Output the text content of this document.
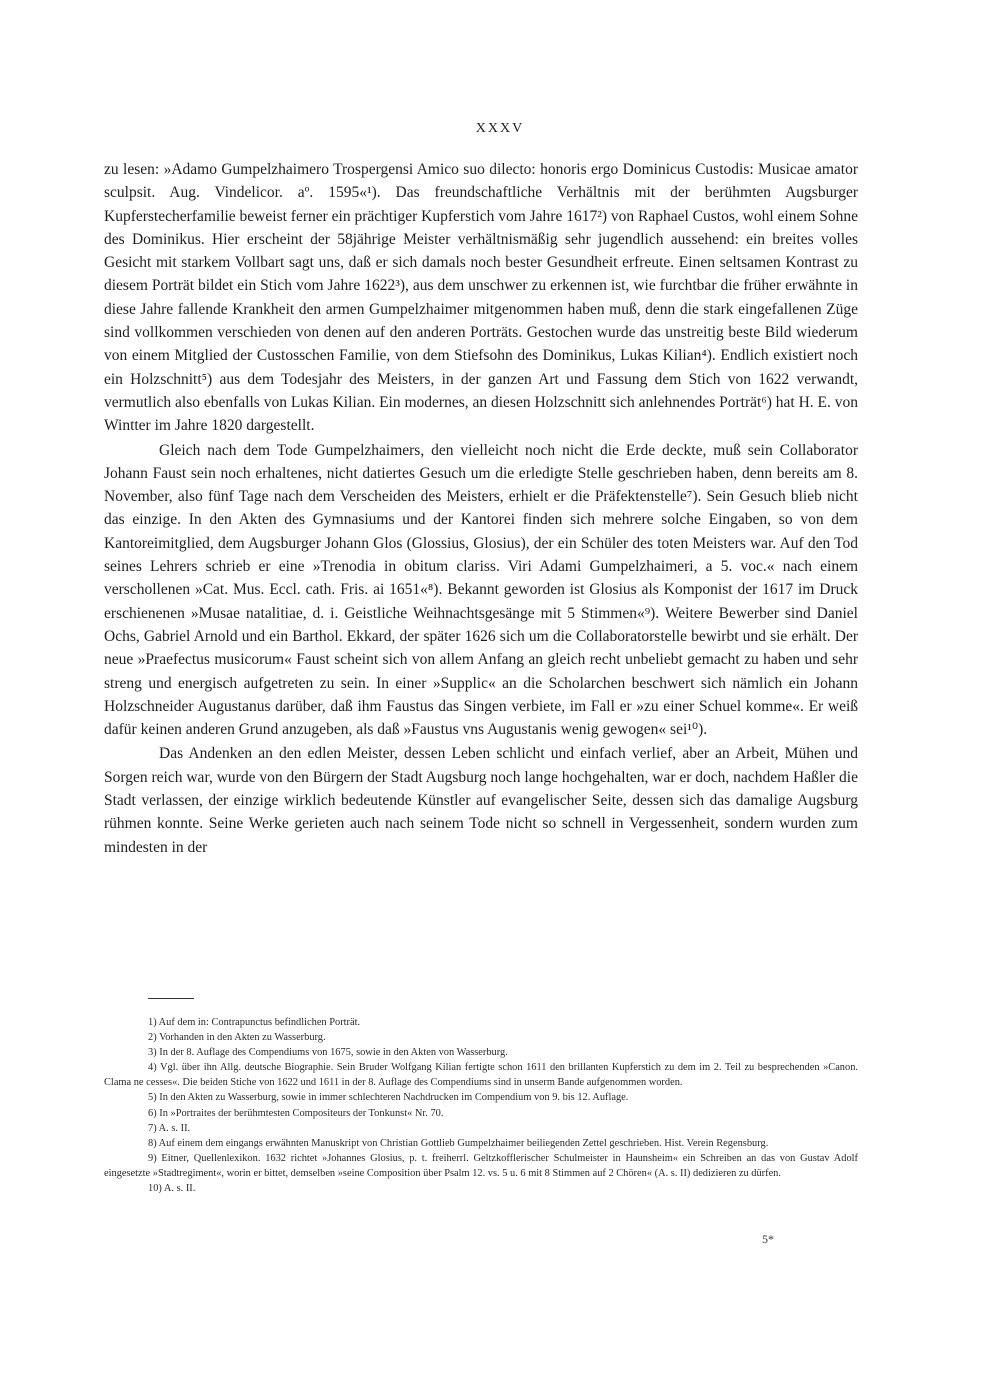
XXXV

zu lesen: »Adamo Gumpelzhaimero Trospergensi Amico suo dilecto: honoris ergo Dominicus Custodis: Musicae amator sculpsit. Aug. Vindelicor. aº. 1595«¹). Das freundschaftliche Verhältnis mit der berühmten Augsburger Kupferstecherfamilie beweist ferner ein prächtiger Kupferstich vom Jahre 1617²) von Raphael Custos, wohl einem Sohne des Dominikus. Hier erscheint der 58jährige Meister verhältnismäßig sehr jugendlich aussehend: ein breites volles Gesicht mit starkem Vollbart sagt uns, daß er sich damals noch bester Gesundheit erfreute. Einen seltsamen Kontrast zu diesem Porträt bildet ein Stich vom Jahre 1622³), aus dem unschwer zu erkennen ist, wie furchtbar die früher erwähnte in diese Jahre fallende Krankheit den armen Gumpelzhaimer mitgenommen haben muß, denn die stark eingefallenen Züge sind vollkommen verschieden von denen auf den anderen Porträts. Gestochen wurde das unstreitig beste Bild wiederum von einem Mitglied der Custosschen Familie, von dem Stiefsohn des Dominikus, Lukas Kilian⁴). Endlich existiert noch ein Holzschnitt⁵) aus dem Todesjahr des Meisters, in der ganzen Art und Fassung dem Stich von 1622 verwandt, vermutlich also ebenfalls von Lukas Kilian. Ein modernes, an diesen Holzschnitt sich anlehnendes Porträt⁶) hat H. E. von Wintter im Jahre 1820 dargestellt.

Gleich nach dem Tode Gumpelzhaimers, den vielleicht noch nicht die Erde deckte, muß sein Collaborator Johann Faust sein noch erhaltenes, nicht datiertes Gesuch um die erledigte Stelle geschrieben haben, denn bereits am 8. November, also fünf Tage nach dem Verscheiden des Meisters, erhielt er die Präfektenstelle⁷). Sein Gesuch blieb nicht das einzige. In den Akten des Gymnasiums und der Kantorei finden sich mehrere solche Eingaben, so von dem Kantoreimitglied, dem Augsburger Johann Glos (Glossius, Glosius), der ein Schüler des toten Meisters war. Auf den Tod seines Lehrers schrieb er eine »Trenodia in obitum clariss. Viri Adami Gumpelzhaimeri, a 5. voc.« nach einem verschollenen »Cat. Mus. Eccl. cath. Fris. ai 1651«⁸). Bekannt geworden ist Glosius als Komponist der 1617 im Druck erschienenen »Musae natalitiae, d. i. Geistliche Weihnachtsgesänge mit 5 Stimmen«⁹). Weitere Bewerber sind Daniel Ochs, Gabriel Arnold und ein Barthol. Ekkard, der später 1626 sich um die Collaboratorstelle bewirbt und sie erhält. Der neue »Praefectus musicorum« Faust scheint sich von allem Anfang an gleich recht unbeliebt gemacht zu haben und sehr streng und energisch aufgetreten zu sein. In einer »Supplic« an die Scholarchen beschwert sich nämlich ein Johann Holzschneider Augustanus darüber, daß ihm Faustus das Singen verbiete, im Fall er »zu einer Schuel komme«. Er weiß dafür keinen anderen Grund anzugeben, als daß »Faustus vns Augustanis wenig gewogen« sei¹⁰).

Das Andenken an den edlen Meister, dessen Leben schlicht und einfach verlief, aber an Arbeit, Mühen und Sorgen reich war, wurde von den Bürgern der Stadt Augsburg noch lange hochgehalten, war er doch, nachdem Haßler die Stadt verlassen, der einzige wirklich bedeutende Künstler auf evangelischer Seite, dessen sich das damalige Augsburg rühmen konnte. Seine Werke gerieten auch nach seinem Tode nicht so schnell in Vergessenheit, sondern wurden zum mindesten in der

1) Auf dem in: Contrapunctus befindlichen Porträt.

2) Vorhanden in den Akten zu Wasserburg.

3) In der 8. Auflage des Compendiums von 1675, sowie in den Akten von Wasserburg.

4) Vgl. über ihn Allg. deutsche Biographie. Sein Bruder Wolfgang Kilian fertigte schon 1611 den brillanten Kupferstich zu dem im 2. Teil zu besprechenden »Canon. Clama ne cesses«. Die beiden Stiche von 1622 und 1611 in der 8. Auflage des Compendiums sind in unserm Bande aufgenommen worden.

5) In den Akten zu Wasserburg, sowie in immer schlechteren Nachdrucken im Compendium von 9. bis 12. Auflage.

6) In »Portraites der berühmtesten Compositeurs der Tonkunst« Nr. 70.

7) A. s. II.

8) Auf einem dem eingangs erwähnten Manuskript von Christian Gottlieb Gumpelzhaimer beiliegenden Zettel geschrieben. Hist. Verein Regensburg.

9) Eitner, Quellenlexikon. 1632 richtet »Johannes Glosius, p. t. freiherrl. Geltzkofflerischer Schulmeister in Haunsheim« ein Schreiben an das von Gustav Adolf eingesetzte »Stadtregiment«, worin er bittet, demselben »seine Composition über Psalm 12. vs. 5 u. 6 mit 8 Stimmen auf 2 Chören« (A. s. II) dedizieren zu dürfen.

10) A. s. II.

5*
